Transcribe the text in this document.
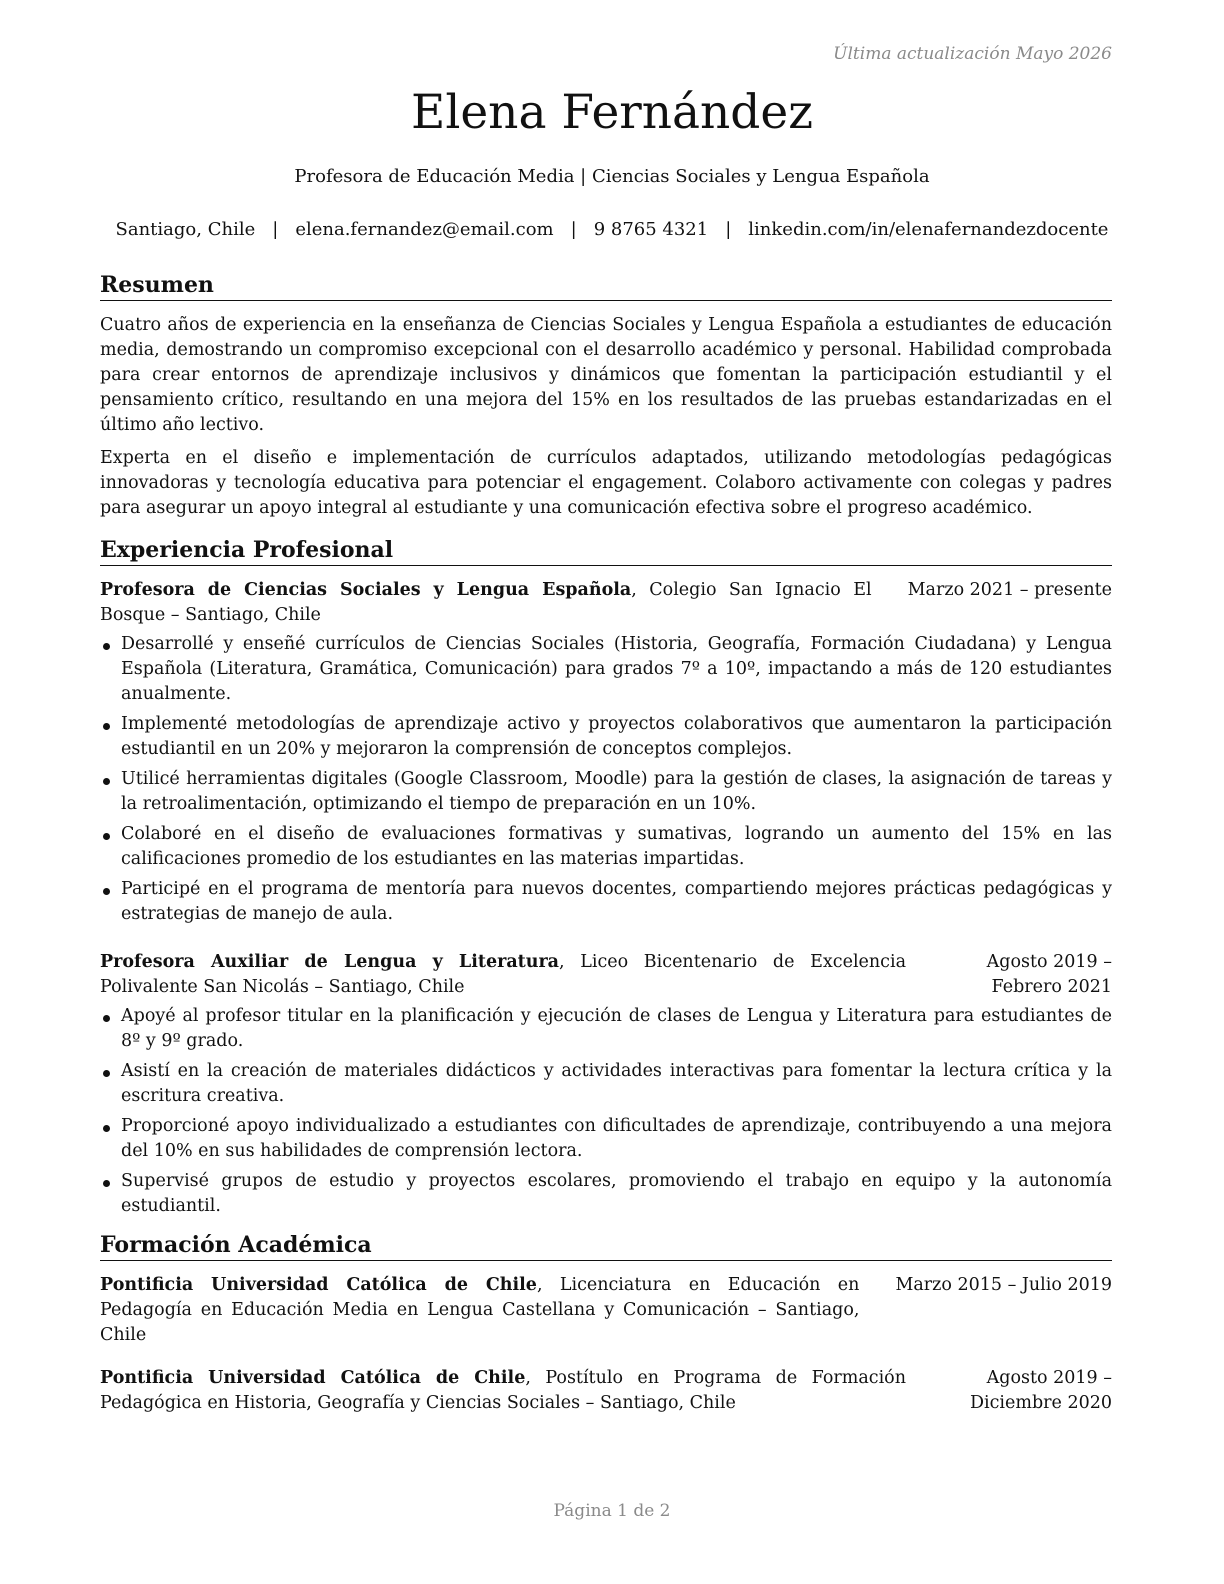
Última actualización Mayo 2026
Elena Fernández
Profesora de Educación Media | Ciencias Sociales y Lengua Española
Santiago, Chile | elena.fernandez@email.com | 9 8765 4321 | linkedin.com/in/elenafernandezdocente
Resumen

Cuatro años de experiencia en la enseñanza de Ciencias Sociales y Lengua Española a estudiantes de educación media, demostrando un compromiso excepcional con el desarrollo académico y personal. Habilidad comprobada para crear entornos de aprendizaje inclusivos y dinámicos que fomentan la participación estudiantil y el pensamiento crítico, resultando en una mejora del 15% en los resultados de las pruebas estandarizadas en el último año lectivo.

Experta en el diseño e implementación de currículos adaptados, utilizando metodologías pedagógicas innovadoras y tecnología educativa para potenciar el engagement. Colaboro activamente con colegas y padres para asegurar un apoyo integral al estudiante y una comunicación efectiva sobre el progreso académico.

Experiencia Profesional
Profesora de Ciencias Sociales y Lengua Española, Colegio San Ignacio El Bosque – Santiago, Chile
Marzo 2021 – presente
Desarrollé y enseñé currículos de Ciencias Sociales (Historia, Geografía, Formación Ciudadana) y Lengua Española (Literatura, Gramática, Comunicación) para grados 7º a 10º, impactando a más de 120 estudiantes anualmente.
Implementé metodologías de aprendizaje activo y proyectos colaborativos que aumentaron la participación estudiantil en un 20% y mejoraron la comprensión de conceptos complejos.
Utilicé herramientas digitales (Google Classroom, Moodle) para la gestión de clases, la asignación de tareas y la retroalimentación, optimizando el tiempo de preparación en un 10%.
Colaboré en el diseño de evaluaciones formativas y sumativas, logrando un aumento del 15% en las calificaciones promedio de los estudiantes en las materias impartidas.
Participé en el programa de mentoría para nuevos docentes, compartiendo mejores prácticas pedagógicas y estrategias de manejo de aula.
Profesora Auxiliar de Lengua y Literatura, Liceo Bicentenario de Excelencia Polivalente San Nicolás – Santiago, Chile
Agosto 2019 – Febrero 2021
Apoyé al profesor titular en la planificación y ejecución de clases de Lengua y Literatura para estudiantes de 8º y 9º grado.
Asistí en la creación de materiales didácticos y actividades interactivas para fomentar la lectura crítica y la escritura creativa.
Proporcioné apoyo individualizado a estudiantes con dificultades de aprendizaje, contribuyendo a una mejora del 10% en sus habilidades de comprensión lectora.
Supervisé grupos de estudio y proyectos escolares, promoviendo el trabajo en equipo y la autonomía estudiantil.
Formación Académica
Pontificia Universidad Católica de Chile, Licenciatura en Educación en Pedagogía en Educación Media en Lengua Castellana y Comunicación – Santiago, Chile
Marzo 2015 – Julio 2019
Pontificia Universidad Católica de Chile, Postítulo en Programa de Formación Pedagógica en Historia, Geografía y Ciencias Sociales – Santiago, Chile
Agosto 2019 – Diciembre 2020
Página 1 de 2
